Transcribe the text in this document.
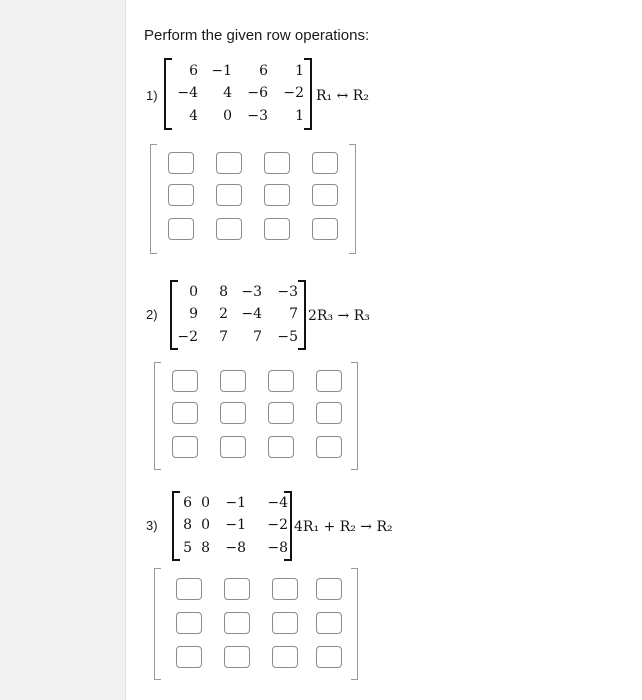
Perform the given row operations:
1)
6 −1	6	1
−4	4	−6	−2
4	0	−3	1
R₁ ↔ R₂
2)
0	8 −3	−3
9	2 −4	7
−2	7	7	−5
2R₃ → R₃
3)
6 0	−1	−4
8 0	−1	−2
5 8	−8	−8
4R₁ + R₂ → R₂
